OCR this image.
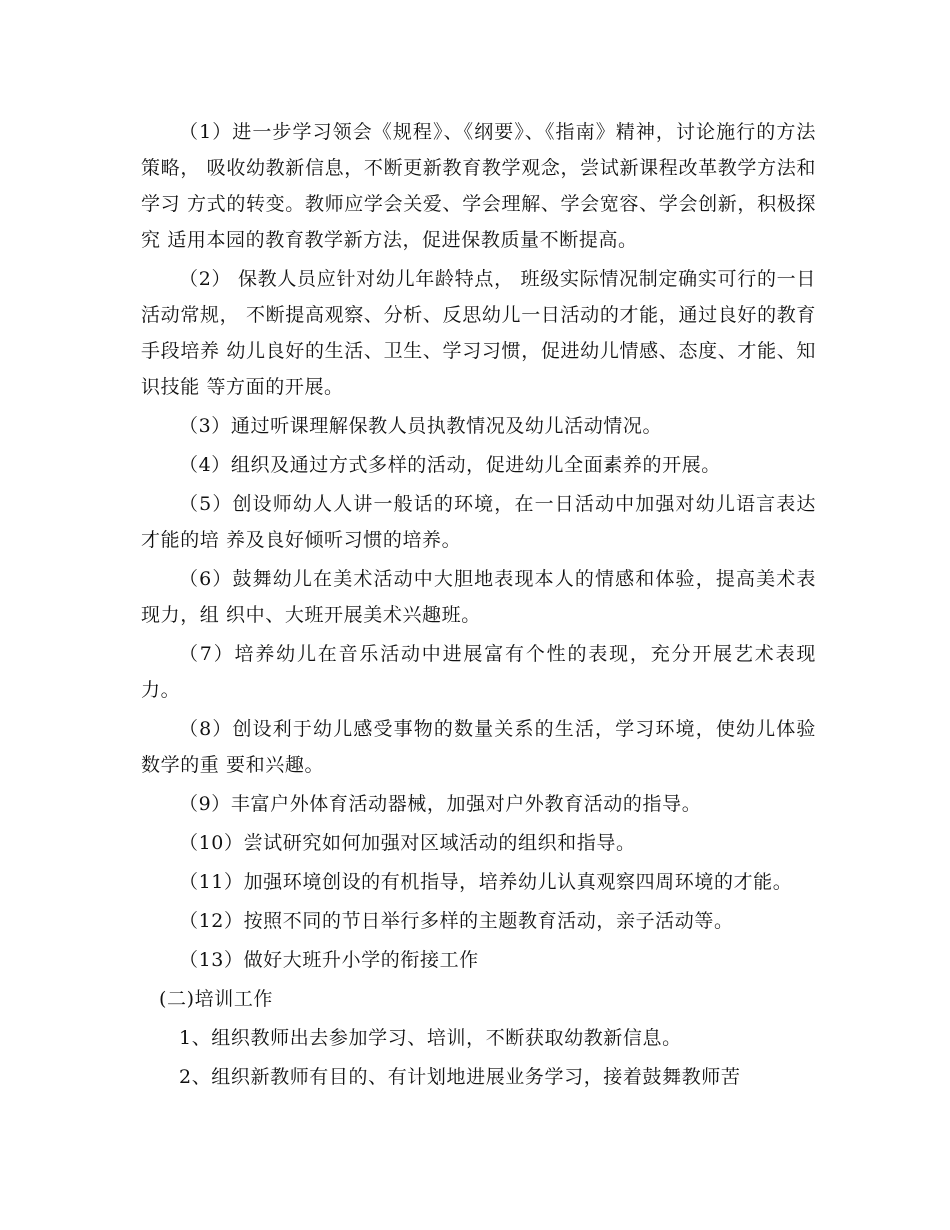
（1）进一步学习领会《规程》、《纲要》、《指南》精神，讨论施行的方法策略， 吸收幼教新信息，不断更新教育教学观念，尝试新课程改革教学方法和学习 方式的转变。教师应学会关爱、学会理解、学会宽容、学会创新，积极探究 适用本园的教育教学新方法，促进保教质量不断提高。

（2） 保教人员应针对幼儿年龄特点， 班级实际情况制定确实可行的一日活动常规， 不断提高观察、分析、反思幼儿一日活动的才能，通过良好的教育手段培养 幼儿良好的生活、卫生、学习习惯，促进幼儿情感、态度、才能、知识技能 等方面的开展。

（3）通过听课理解保教人员执教情况及幼儿活动情况。

（4）组织及通过方式多样的活动，促进幼儿全面素养的开展。

（5）创设师幼人人讲一般话的环境，在一日活动中加强对幼儿语言表达才能的培 养及良好倾听习惯的培养。

（6）鼓舞幼儿在美术活动中大胆地表现本人的情感和体验，提高美术表现力，组 织中、大班开展美术兴趣班。

（7）培养幼儿在音乐活动中进展富有个性的表现，充分开展艺术表现力。

（8）创设利于幼儿感受事物的数量关系的生活，学习环境，使幼儿体验数学的重 要和兴趣。

（9）丰富户外体育活动器械，加强对户外教育活动的指导。

（10）尝试研究如何加强对区域活动的组织和指导。

（11）加强环境创设的有机指导，培养幼儿认真观察四周环境的才能。

（12）按照不同的节日举行多样的主题教育活动，亲子活动等。

（13）做好大班升小学的衔接工作

(二)培训工作

1、组织教师出去参加学习、培训，不断获取幼教新信息。

2、组织新教师有目的、有计划地进展业务学习，接着鼓舞教师苦
